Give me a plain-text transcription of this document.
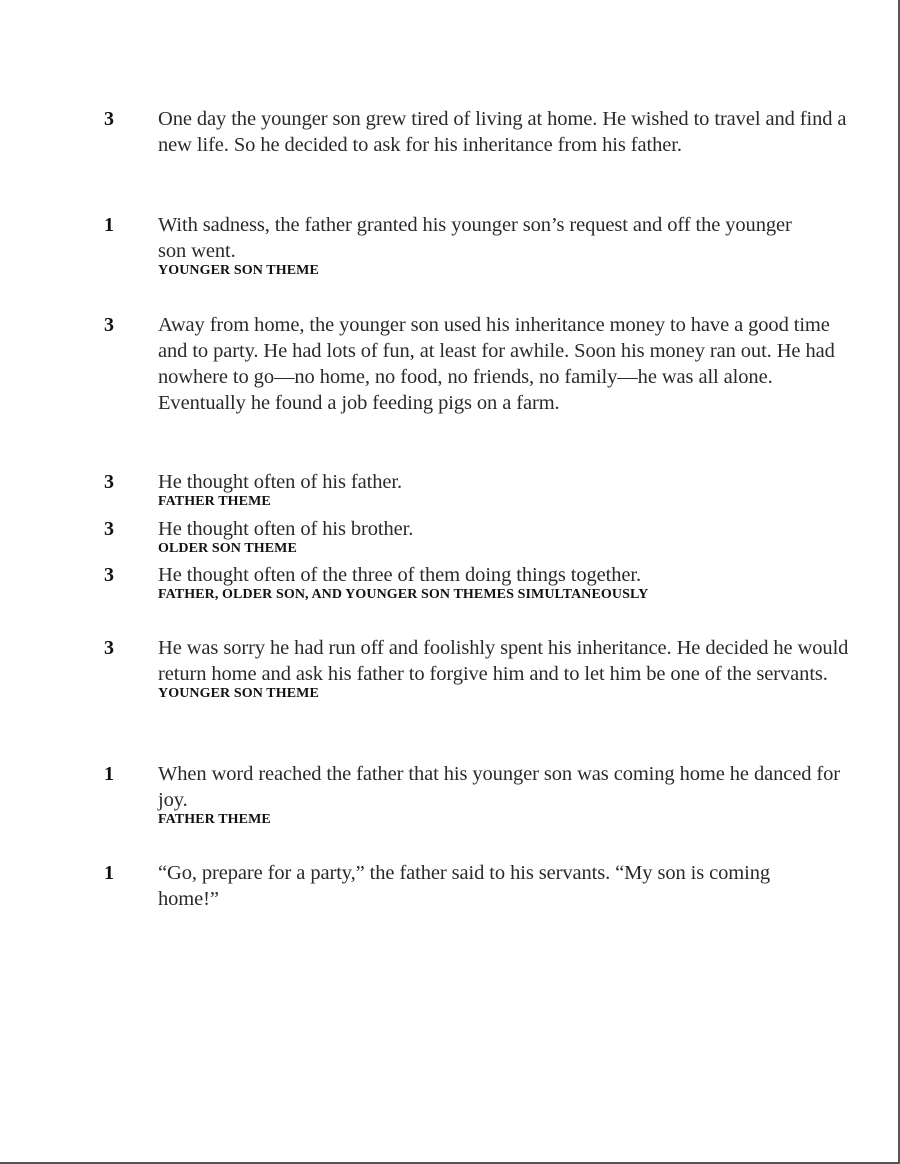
3	One day the younger son grew tired of living at home. He wished to travel and find a new life. So he decided to ask for his inheritance from his father.
1	With sadness, the father granted his younger son’s request and off the younger son went.
YOUNGER SON THEME
3	Away from home, the younger son used his inheritance money to have a good time and to party. He had lots of fun, at least for awhile. Soon his money ran out. He had nowhere to go—no home, no food, no friends, no family—he was all alone. Eventually he found a job feeding pigs on a farm.
3	He thought often of his father.
FATHER THEME
3	He thought often of his brother.
OLDER SON THEME
3	He thought often of the three of them doing things together.
FATHER, OLDER SON, AND YOUNGER SON THEMES SIMULTANEOUSLY
3	He was sorry he had run off and foolishly spent his inheritance. He decided he would return home and ask his father to forgive him and to let him be one of the servants.
YOUNGER SON THEME
1	When word reached the father that his younger son was coming home he danced for joy.
FATHER THEME
1	“Go, prepare for a party,” the father said to his servants. “My son is coming home!”
